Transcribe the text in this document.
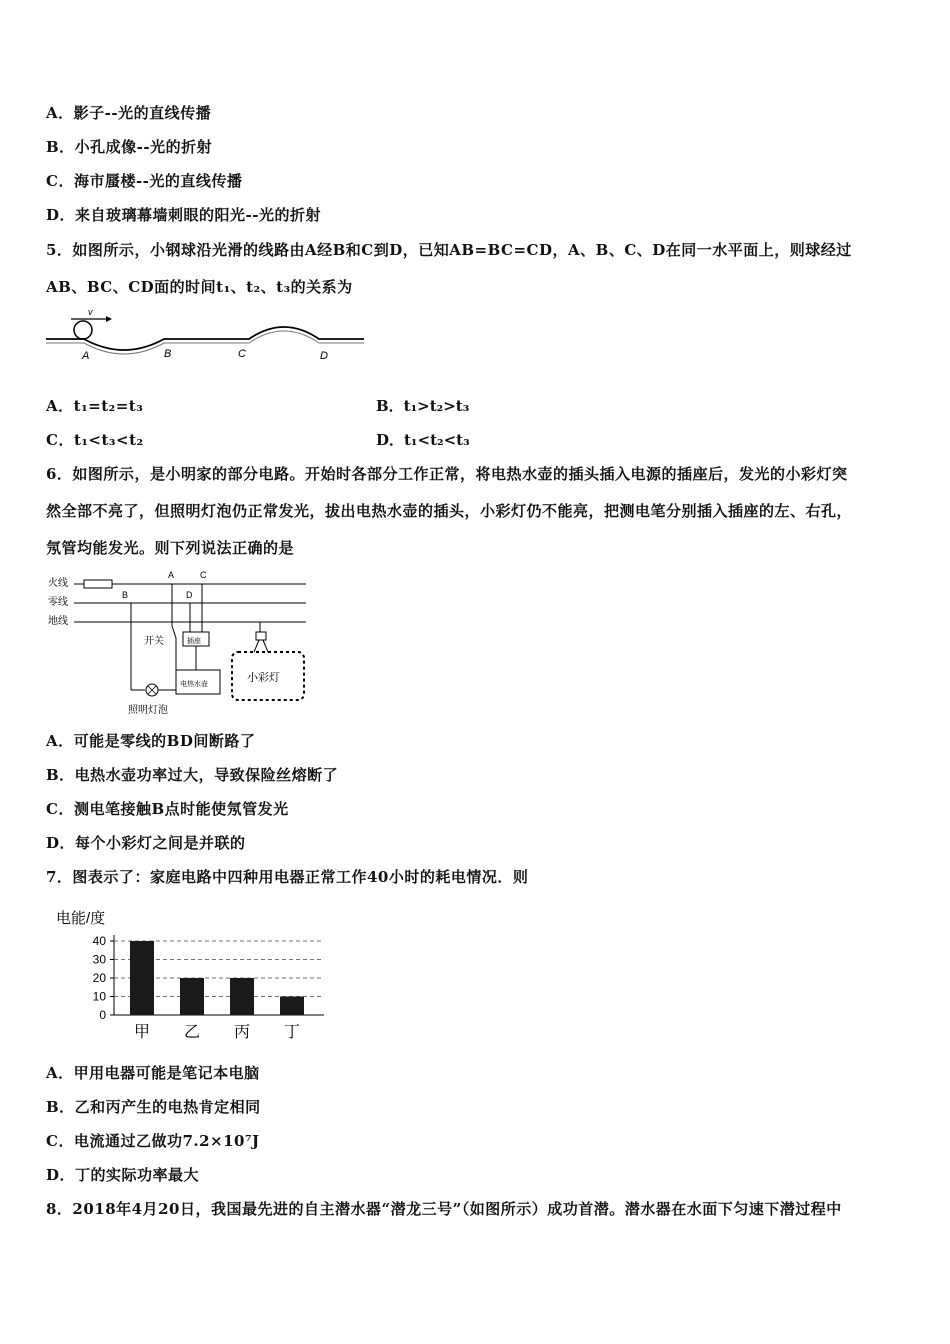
A．影子--光的直线传播
B．小孔成像--光的折射
C．海市蜃楼--光的直线传播
D．来自玻璃幕墙刺眼的阳光--光的折射
5．如图所示，小钢球沿光滑的线路由A经B和C到D，已知AB=BC=CD，A、B、C、D在同一水平面上，则球经过
AB、BC、CD面的时间t₁、t₂、t₃的关系为
v
A	B	C	D
A．t₁=t₂=t₃	B．t₁>t₂>t₃
C．t₁<t₃<t₂	D．t₁<t₂<t₃
6．如图所示，是小明家的部分电路。开始时各部分工作正常，将电热水壶的插头插入电源的插座后，发光的小彩灯突
然全部不亮了，但照明灯泡仍正常发光，拔出电热水壶的插头，小彩灯仍不能亮，把测电笔分别插入插座的左、右孔，
氖管均能发光。则下列说法正确的是
火线
零线
地线
A
B
C
D
开关
照明灯泡
插座
电热水壶
小彩灯
A．可能是零线的BD间断路了
B．电热水壶功率过大，导致保险丝熔断了
C．测电笔接触B点时能使氖管发光
D．每个小彩灯之间是并联的
7．图表示了：家庭电路中四种用电器正常工作40小时的耗电情况．则
电能/度
0
10
20
30
40
甲 乙 丙 丁
A．甲用电器可能是笔记本电脑
B．乙和丙产生的电热肯定相同
C．电流通过乙做功7.2×10⁷J
D．丁的实际功率最大
8．2018年4月20日，我国最先进的自主潜水器“潜龙三号”（如图所示）成功首潜。潜水器在水面下匀速下潜过程中
